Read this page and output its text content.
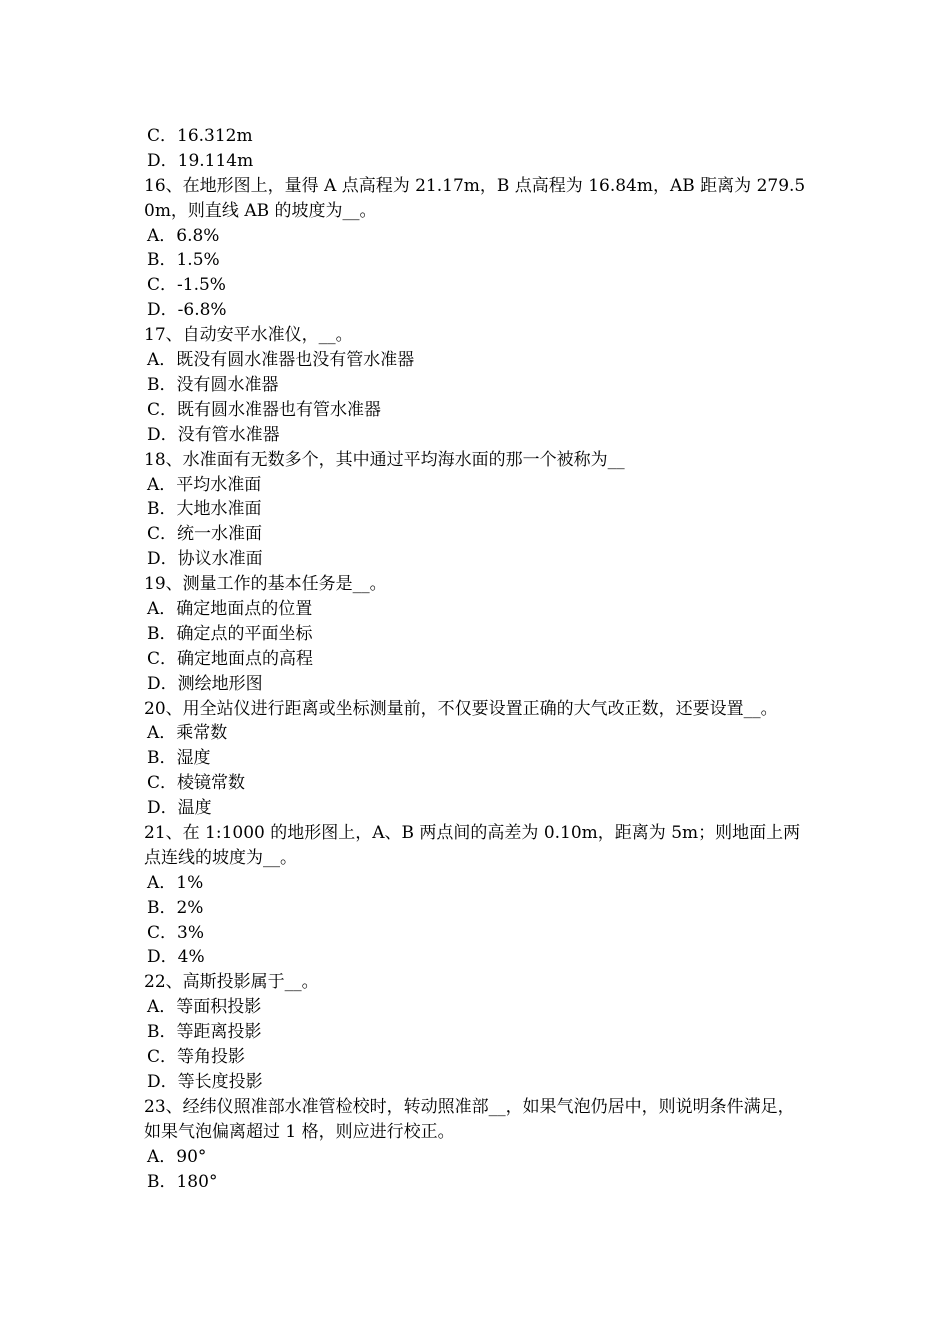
C．16.312m
D．19.114m
16、在地形图上，量得 A 点高程为 21.17m，B 点高程为 16.84m，AB 距离为 279.50m，则直线 AB 的坡度为__。
A．6.8%
B．1.5%
C．-1.5%
D．-6.8%
17、自动安平水准仪，__。
A．既没有圆水准器也没有管水准器
B．没有圆水准器
C．既有圆水准器也有管水准器
D．没有管水准器
18、水准面有无数多个，其中通过平均海水面的那一个被称为__
A．平均水准面
B．大地水准面
C．统一水准面
D．协议水准面
19、测量工作的基本任务是__。
A．确定地面点的位置
B．确定点的平面坐标
C．确定地面点的高程
D．测绘地形图
20、用全站仪进行距离或坐标测量前，不仅要设置正确的大气改正数，还要设置__。
A．乘常数
B．湿度
C．棱镜常数
D．温度
21、在 1:1000 的地形图上，A、B 两点间的高差为 0.10m，距离为 5m；则地面上两点连线的坡度为__。
A．1%
B．2%
C．3%
D．4%
22、高斯投影属于__。
A．等面积投影
B．等距离投影
C．等角投影
D．等长度投影
23、经纬仪照准部水准管检校时，转动照准部__，如果气泡仍居中，则说明条件满足，如果气泡偏离超过 1 格，则应进行校正。
A．90°
B．180°
